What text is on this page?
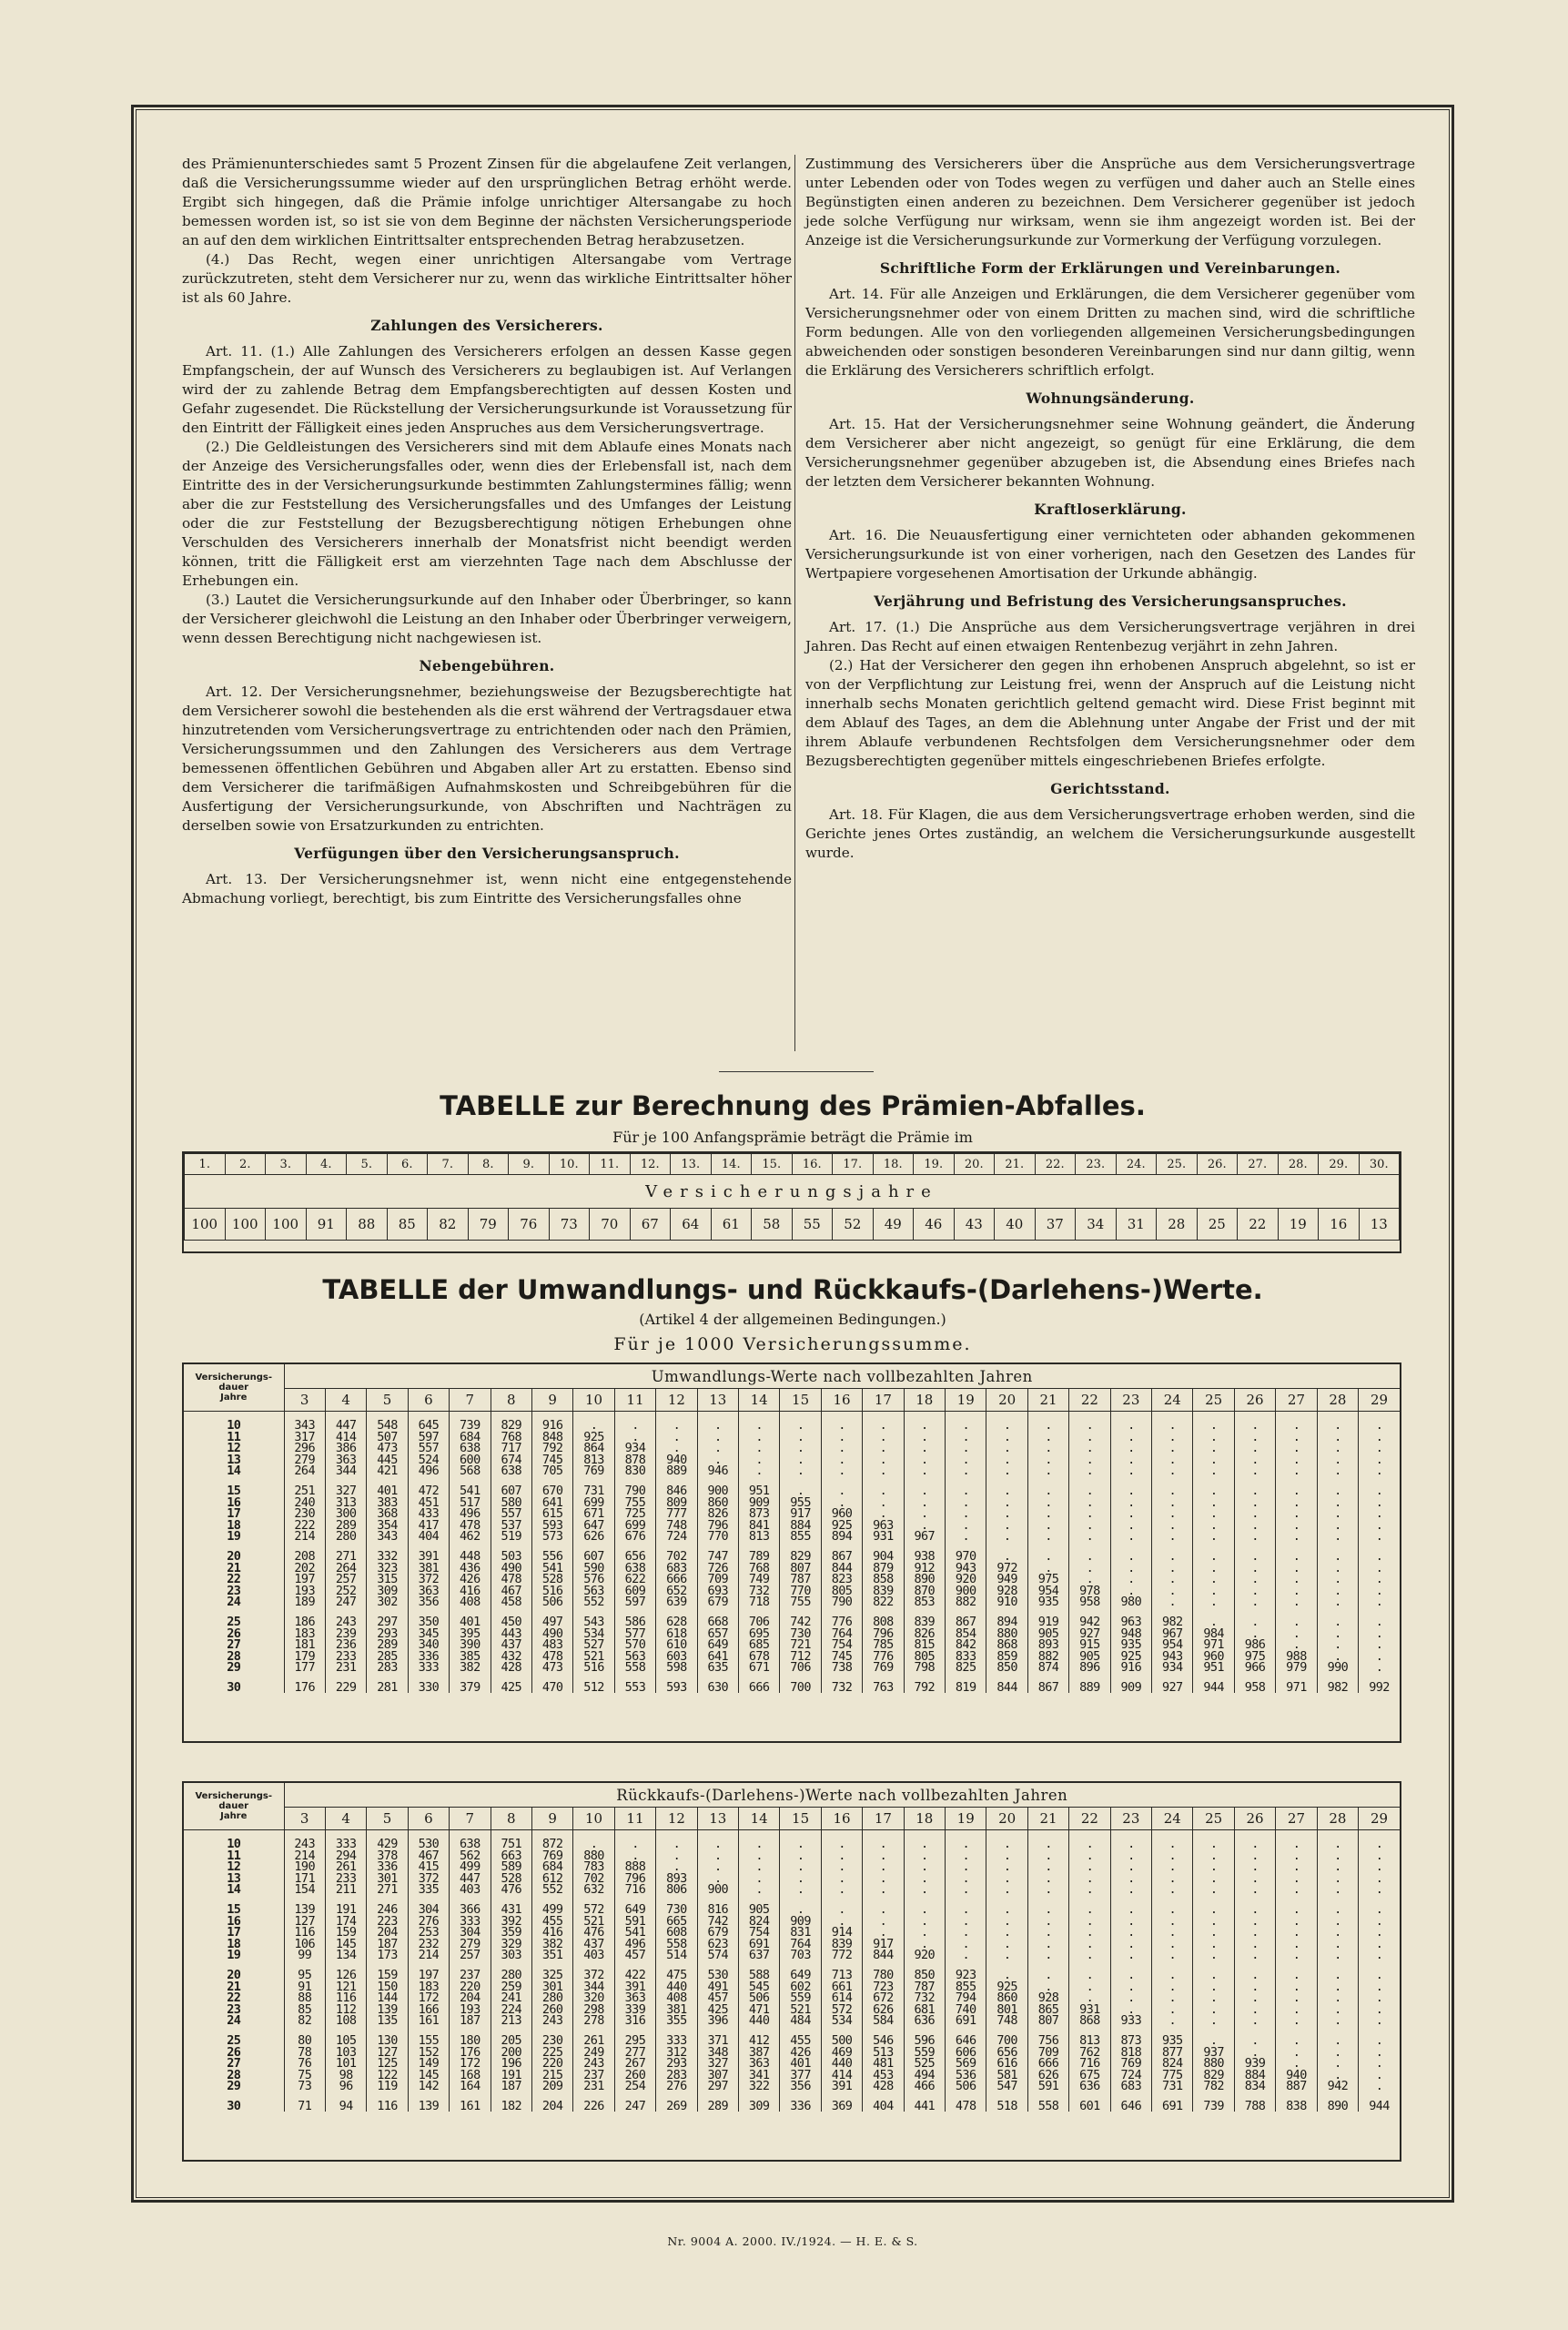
des Prämienunterschiedes samt 5 Prozent Zinsen für die abgelaufene Zeit verlangen, daß die Versicherungssumme wieder auf den ursprünglichen Betrag erhöht werde. Ergibt sich hingegen, daß die Prämie infolge unrichtiger Altersangabe zu hoch bemessen worden ist, so ist sie von dem Beginne der nächsten Versicherungsperiode an auf den dem wirklichen Eintrittsalter entsprechenden Betrag herabzusetzen.

(4.) Das Recht, wegen einer unrichtigen Altersangabe vom Vertrage zurückzutreten, steht dem Versicherer nur zu, wenn das wirkliche Eintrittsalter höher ist als 60 Jahre.

Zahlungen des Versicherers.

Art. 11. (1.) Alle Zahlungen des Versicherers erfolgen an dessen Kasse gegen Empfangschein, der auf Wunsch des Versicherers zu beglaubigen ist. Auf Verlangen wird der zu zahlende Betrag dem Empfangsberechtigten auf dessen Kosten und Gefahr zugesendet. Die Rückstellung der Versicherungsurkunde ist Voraussetzung für den Eintritt der Fälligkeit eines jeden Anspruches aus dem Versicherungsvertrage.

(2.) Die Geldleistungen des Versicherers sind mit dem Ablaufe eines Monats nach der Anzeige des Versicherungsfalles oder, wenn dies der Erlebensfall ist, nach dem Eintritte des in der Versicherungsurkunde bestimmten Zahlungstermines fällig; wenn aber die zur Feststellung des Versicherungsfalles und des Umfanges der Leistung oder die zur Feststellung der Bezugsberechtigung nötigen Erhebungen ohne Verschulden des Versicherers innerhalb der Monatsfrist nicht beendigt werden können, tritt die Fälligkeit erst am vierzehnten Tage nach dem Abschlusse der Erhebungen ein.

(3.) Lautet die Versicherungsurkunde auf den Inhaber oder Überbringer, so kann der Versicherer gleichwohl die Leistung an den Inhaber oder Überbringer verweigern, wenn dessen Berechtigung nicht nachgewiesen ist.

Nebengebühren.

Art. 12. Der Versicherungsnehmer, beziehungsweise der Bezugsberechtigte hat dem Versicherer sowohl die bestehenden als die erst während der Vertragsdauer etwa hinzutretenden vom Versicherungsvertrage zu entrichtenden oder nach den Prämien, Versicherungssummen und den Zahlungen des Versicherers aus dem Vertrage bemessenen öffentlichen Gebühren und Abgaben aller Art zu erstatten. Ebenso sind dem Versicherer die tarifmäßigen Aufnahmskosten und Schreibgebühren für die Ausfertigung der Versicherungsurkunde, von Abschriften und Nachträgen zu derselben sowie von Ersatzurkunden zu entrichten.

Verfügungen über den Versicherungsanspruch.

Art. 13. Der Versicherungsnehmer ist, wenn nicht eine entgegenstehende Abmachung vorliegt, berechtigt, bis zum Eintritte des Versicherungsfalles ohne

Zustimmung des Versicherers über die Ansprüche aus dem Versicherungsvertrage unter Lebenden oder von Todes wegen zu verfügen und daher auch an Stelle eines Begünstigten einen anderen zu bezeichnen. Dem Versicherer gegenüber ist jedoch jede solche Verfügung nur wirksam, wenn sie ihm angezeigt worden ist. Bei der Anzeige ist die Versicherungsurkunde zur Vormerkung der Verfügung vorzulegen.

Schriftliche Form der Erklärungen und Vereinbarungen.

Art. 14. Für alle Anzeigen und Erklärungen, die dem Versicherer gegenüber vom Versicherungsnehmer oder von einem Dritten zu machen sind, wird die schriftliche Form bedungen. Alle von den vorliegenden allgemeinen Versicherungsbedingungen abweichenden oder sonstigen besonderen Vereinbarungen sind nur dann giltig, wenn die Erklärung des Versicherers schriftlich erfolgt.

Wohnungsänderung.

Art. 15. Hat der Versicherungsnehmer seine Wohnung geändert, die Änderung dem Versicherer aber nicht angezeigt, so genügt für eine Erklärung, die dem Versicherungsnehmer gegenüber abzugeben ist, die Absendung eines Briefes nach der letzten dem Versicherer bekannten Wohnung.

Kraftloserklärung.

Art. 16. Die Neuausfertigung einer vernichteten oder abhanden gekommenen Versicherungsurkunde ist von einer vorherigen, nach den Gesetzen des Landes für Wertpapiere vorgesehenen Amortisation der Urkunde abhängig.

Verjährung und Befristung des Versicherungsanspruches.

Art. 17. (1.) Die Ansprüche aus dem Versicherungsvertrage verjähren in drei Jahren. Das Recht auf einen etwaigen Rentenbezug verjährt in zehn Jahren.

(2.) Hat der Versicherer den gegen ihn erhobenen Anspruch abgelehnt, so ist er von der Verpflichtung zur Leistung frei, wenn der Anspruch auf die Leistung nicht innerhalb sechs Monaten gerichtlich geltend gemacht wird. Diese Frist beginnt mit dem Ablauf des Tages, an dem die Ablehnung unter Angabe der Frist und der mit ihrem Ablaufe verbundenen Rechtsfolgen dem Versicherungsnehmer oder dem Bezugsberechtigten gegenüber mittels eingeschriebenen Briefes erfolgte.

Gerichtsstand.

Art. 18. Für Klagen, die aus dem Versicherungsvertrage erhoben werden, sind die Gerichte jenes Ortes zuständig, an welchem die Versicherungsurkunde ausgestellt wurde.

TABELLE zur Berechnung des Prämien-Abfalles.
Für je 100 Anfangsprämie beträgt die Prämie im
1.	2.	3.	4.	5.	6.	7.	8.	9.	10.	11.	12.	13.	14.	15.	16.	17.	18.	19.	20.	21.	22.	23.	24.	25.	26.	27.	28.	29.	30.
Versicherungsjahre																													
100	100	100	91	88	85	82	79	76	73	70	67	64	61	58	55	52	49	46	43	40	37	34	31	28	25	22	19	16	13
TABELLE der Umwandlungs- und Rückkaufs-(Darlehens-)Werte.
(Artikel 4 der allgemeinen Bedingungen.)
Für je 1000 Versicherungssumme.
Versicherungs-
dauer
Jahre	Umwandlungs-Werte nach vollbezahlten Jahren																										
	3	4	5	6	7	8	9	10	11	12	13	14	15	16	17	18	19	20	21	22	23	24	25	26	27	28	29

10	343	447	548	645	739	829	916	.	.	.	.	.	.	.	.	.	.	.	.	.	.	.	.	.	.	.	.
11	317	414	507	597	684	768	848	925	.	.	.	.	.	.	.	.	.	.	.	.	.	.	.	.	.	.	.
12	296	386	473	557	638	717	792	864	934	.	.	.	.	.	.	.	.	.	.	.	.	.	.	.	.	.	.
13	279	363	445	524	600	674	745	813	878	940	.	.	.	.	.	.	.	.	.	.	.	.	.	.	.	.	.
14	264	344	421	496	568	638	705	769	830	889	946	.	.	.	.	.	.	.	.	.	.	.	.	.	.	.	.

15	251	327	401	472	541	607	670	731	790	846	900	951	.	.	.	.	.	.	.	.	.	.	.	.	.	.	.
16	240	313	383	451	517	580	641	699	755	809	860	909	955	.	.	.	.	.	.	.	.	.	.	.	.	.	.
17	230	300	368	433	496	557	615	671	725	777	826	873	917	960	.	.	.	.	.	.	.	.	.	.	.	.	.
18	222	289	354	417	478	537	593	647	699	748	796	841	884	925	963	.	.	.	.	.	.	.	.	.	.	.	.
19	214	280	343	404	462	519	573	626	676	724	770	813	855	894	931	967	.	.	.	.	.	.	.	.	.	.	.

20	208	271	332	391	448	503	556	607	656	702	747	789	829	867	904	938	970	.	.	.	.	.	.	.	.	.	.
21	202	264	323	381	436	490	541	590	638	683	726	768	807	844	879	912	943	972	.	.	.	.	.	.	.	.	.
22	197	257	315	372	426	478	528	576	622	666	709	749	787	823	858	890	920	949	975	.	.	.	.	.	.	.	.
23	193	252	309	363	416	467	516	563	609	652	693	732	770	805	839	870	900	928	954	978	.	.	.	.	.	.	.
24	189	247	302	356	408	458	506	552	597	639	679	718	755	790	822	853	882	910	935	958	980	.	.	.	.	.	.

25	186	243	297	350	401	450	497	543	586	628	668	706	742	776	808	839	867	894	919	942	963	982	.	.	.	.	.
26	183	239	293	345	395	443	490	534	577	618	657	695	730	764	796	826	854	880	905	927	948	967	984	.	.	.	.
27	181	236	289	340	390	437	483	527	570	610	649	685	721	754	785	815	842	868	893	915	935	954	971	986	.	.	.
28	179	233	285	336	385	432	478	521	563	603	641	678	712	745	776	805	833	859	882	905	925	943	960	975	988	.	.
29	177	231	283	333	382	428	473	516	558	598	635	671	706	738	769	798	825	850	874	896	916	934	951	966	979	990	.

30	176	229	281	330	379	425	470	512	553	593	630	666	700	732	763	792	819	844	867	889	909	927	944	958	971	982	992
Versicherungs-
dauer
Jahre	Rückkaufs-(Darlehens-)Werte nach vollbezahlten Jahren																										
	3	4	5	6	7	8	9	10	11	12	13	14	15	16	17	18	19	20	21	22	23	24	25	26	27	28	29

10	243	333	429	530	638	751	872	.	.	.	.	.	.	.	.	.	.	.	.	.	.	.	.	.	.	.	.
11	214	294	378	467	562	663	769	880	.	.	.	.	.	.	.	.	.	.	.	.	.	.	.	.	.	.	.
12	190	261	336	415	499	589	684	783	888	.	.	.	.	.	.	.	.	.	.	.	.	.	.	.	.	.	.
13	171	233	301	372	447	528	612	702	796	893	.	.	.	.	.	.	.	.	.	.	.	.	.	.	.	.	.
14	154	211	271	335	403	476	552	632	716	806	900	.	.	.	.	.	.	.	.	.	.	.	.	.	.	.	.

15	139	191	246	304	366	431	499	572	649	730	816	905	.	.	.	.	.	.	.	.	.	.	.	.	.	.	.
16	127	174	223	276	333	392	455	521	591	665	742	824	909	.	.	.	.	.	.	.	.	.	.	.	.	.	.
17	116	159	204	253	304	359	416	476	541	608	679	754	831	914	.	.	.	.	.	.	.	.	.	.	.	.	.
18	106	145	187	232	279	329	382	437	496	558	623	691	764	839	917	.	.	.	.	.	.	.	.	.	.	.	.
19	99	134	173	214	257	303	351	403	457	514	574	637	703	772	844	920	.	.	.	.	.	.	.	.	.	.	.

20	95	126	159	197	237	280	325	372	422	475	530	588	649	713	780	850	923	.	.	.	.	.	.	.	.	.	.
21	91	121	150	183	220	259	301	344	391	440	491	545	602	661	723	787	855	925	.	.	.	.	.	.	.	.	.
22	88	116	144	172	204	241	280	320	363	408	457	506	559	614	672	732	794	860	928	.	.	.	.	.	.	.	.
23	85	112	139	166	193	224	260	298	339	381	425	471	521	572	626	681	740	801	865	931	.	.	.	.	.	.	.
24	82	108	135	161	187	213	243	278	316	355	396	440	484	534	584	636	691	748	807	868	933	.	.	.	.	.	.

25	80	105	130	155	180	205	230	261	295	333	371	412	455	500	546	596	646	700	756	813	873	935	.	.	.	.	.
26	78	103	127	152	176	200	225	249	277	312	348	387	426	469	513	559	606	656	709	762	818	877	937	.	.	.	.
27	76	101	125	149	172	196	220	243	267	293	327	363	401	440	481	525	569	616	666	716	769	824	880	939	.	.	.
28	75	98	122	145	168	191	215	237	260	283	307	341	377	414	453	494	536	581	626	675	724	775	829	884	940	.	.
29	73	96	119	142	164	187	209	231	254	276	297	322	356	391	428	466	506	547	591	636	683	731	782	834	887	942	.

30	71	94	116	139	161	182	204	226	247	269	289	309	336	369	404	441	478	518	558	601	646	691	739	788	838	890	944
Nr. 9004 A. 2000. IV./1924. — H. E. & S.
